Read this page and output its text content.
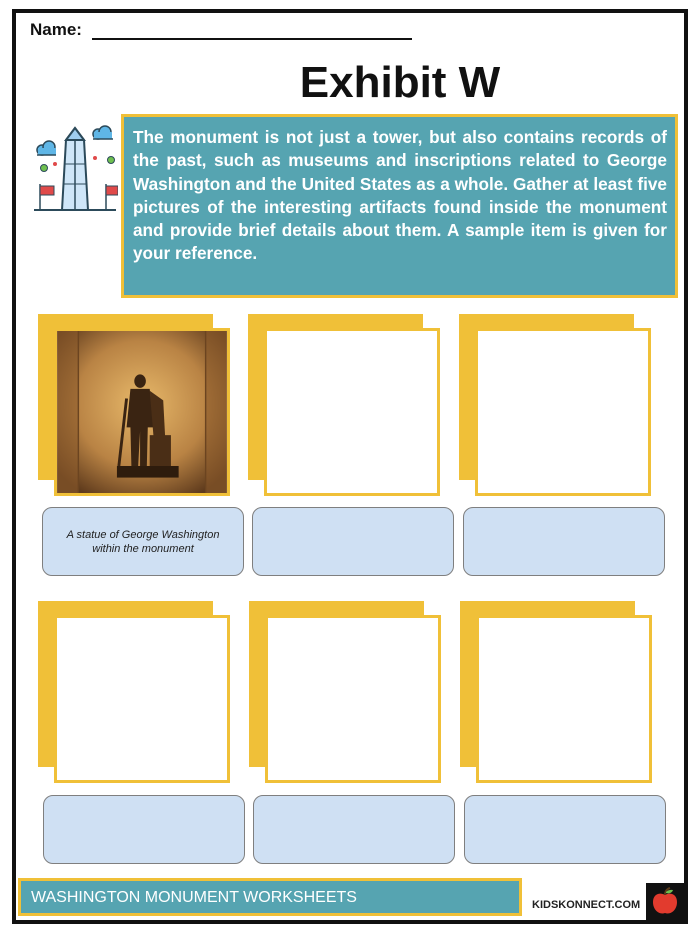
Name:
Exhibit W
The monument is not just a tower, but also contains records of the past, such as museums and inscriptions related to George Washington and the United States as a whole. Gather at least five pictures of the interesting artifacts found inside the monument and provide brief details about them. A sample item is given for your reference.
A statue of George Washington within the monument
WASHINGTON MONUMENT WORKSHEETS	KIDSKONNECT.COM
